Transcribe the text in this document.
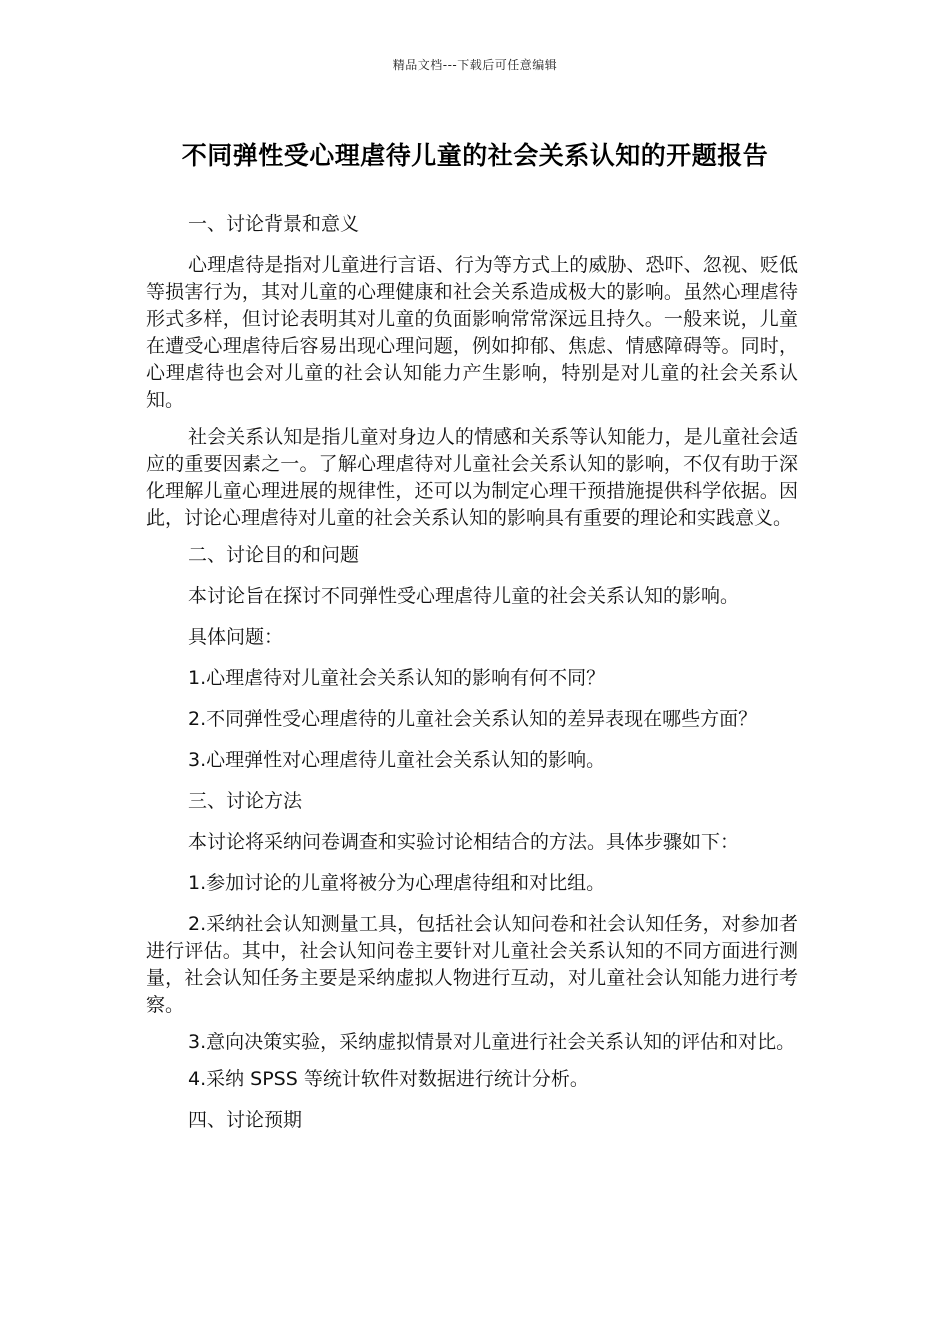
精品文档---下载后可任意编辑
不同弹性受心理虐待儿童的社会关系认知的开题报告

一、讨论背景和意义

心理虐待是指对儿童进行言语、行为等方式上的威胁、恐吓、忽视、贬低等损害行为，其对儿童的心理健康和社会关系造成极大的影响。虽然心理虐待形式多样，但讨论表明其对儿童的负面影响常常深远且持久。一般来说，儿童在遭受心理虐待后容易出现心理问题，例如抑郁、焦虑、情感障碍等。同时，心理虐待也会对儿童的社会认知能力产生影响，特别是对儿童的社会关系认知。

社会关系认知是指儿童对身边人的情感和关系等认知能力，是儿童社会适应的重要因素之一。了解心理虐待对儿童社会关系认知的影响，不仅有助于深化理解儿童心理进展的规律性，还可以为制定心理干预措施提供科学依据。因此，讨论心理虐待对儿童的社会关系认知的影响具有重要的理论和实践意义。

二、讨论目的和问题

本讨论旨在探讨不同弹性受心理虐待儿童的社会关系认知的影响。

具体问题：

1.心理虐待对儿童社会关系认知的影响有何不同？

2.不同弹性受心理虐待的儿童社会关系认知的差异表现在哪些方面？

3.心理弹性对心理虐待儿童社会关系认知的影响。

三、讨论方法

本讨论将采纳问卷调查和实验讨论相结合的方法。具体步骤如下：

1.参加讨论的儿童将被分为心理虐待组和对比组。

2.采纳社会认知测量工具，包括社会认知问卷和社会认知任务，对参加者进行评估。其中，社会认知问卷主要针对儿童社会关系认知的不同方面进行测量，社会认知任务主要是采纳虚拟人物进行互动，对儿童社会认知能力进行考察。

3.意向决策实验，采纳虚拟情景对儿童进行社会关系认知的评估和对比。

4.采纳 SPSS 等统计软件对数据进行统计分析。

四、讨论预期
